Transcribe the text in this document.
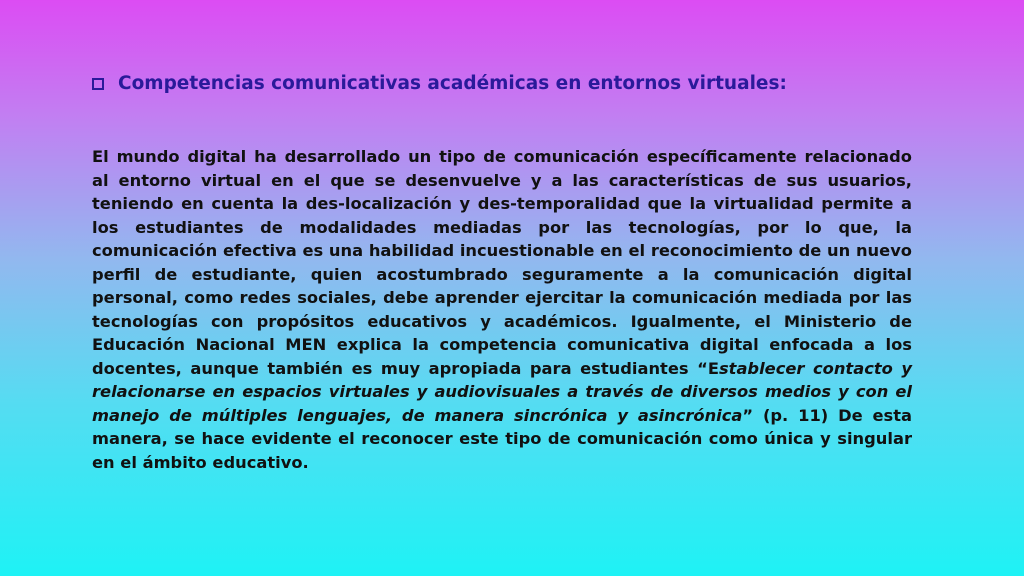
Competencias comunicativas académicas en entornos virtuales:

El mundo digital ha desarrollado un tipo de comunicación específicamente relacionado al entorno virtual en el que se desenvuelve y a las características de sus usuarios, teniendo en cuenta la des-localización y des-temporalidad que la virtualidad permite a los estudiantes de modalidades mediadas por las tecnologías, por lo que, la comunicación efectiva es una habilidad incuestionable en el reconocimiento de un nuevo perfil de estudiante, quien acostumbrado seguramente a la comunicación digital personal, como redes sociales, debe aprender ejercitar la comunicación mediada por las tecnologías con propósitos educativos y académicos. Igualmente, el Ministerio de Educación Nacional MEN explica la competencia comunicativa digital enfocada a los docentes, aunque también es muy apropiada para estudiantes “Establecer contacto y relacionarse en espacios virtuales y audiovisuales a través de diversos medios y con el manejo de múltiples lenguajes, de manera sincrónica y asincrónica” (p. 11) De esta manera, se hace evidente el reconocer este tipo de comunicación como única y singular en el ámbito educativo.
